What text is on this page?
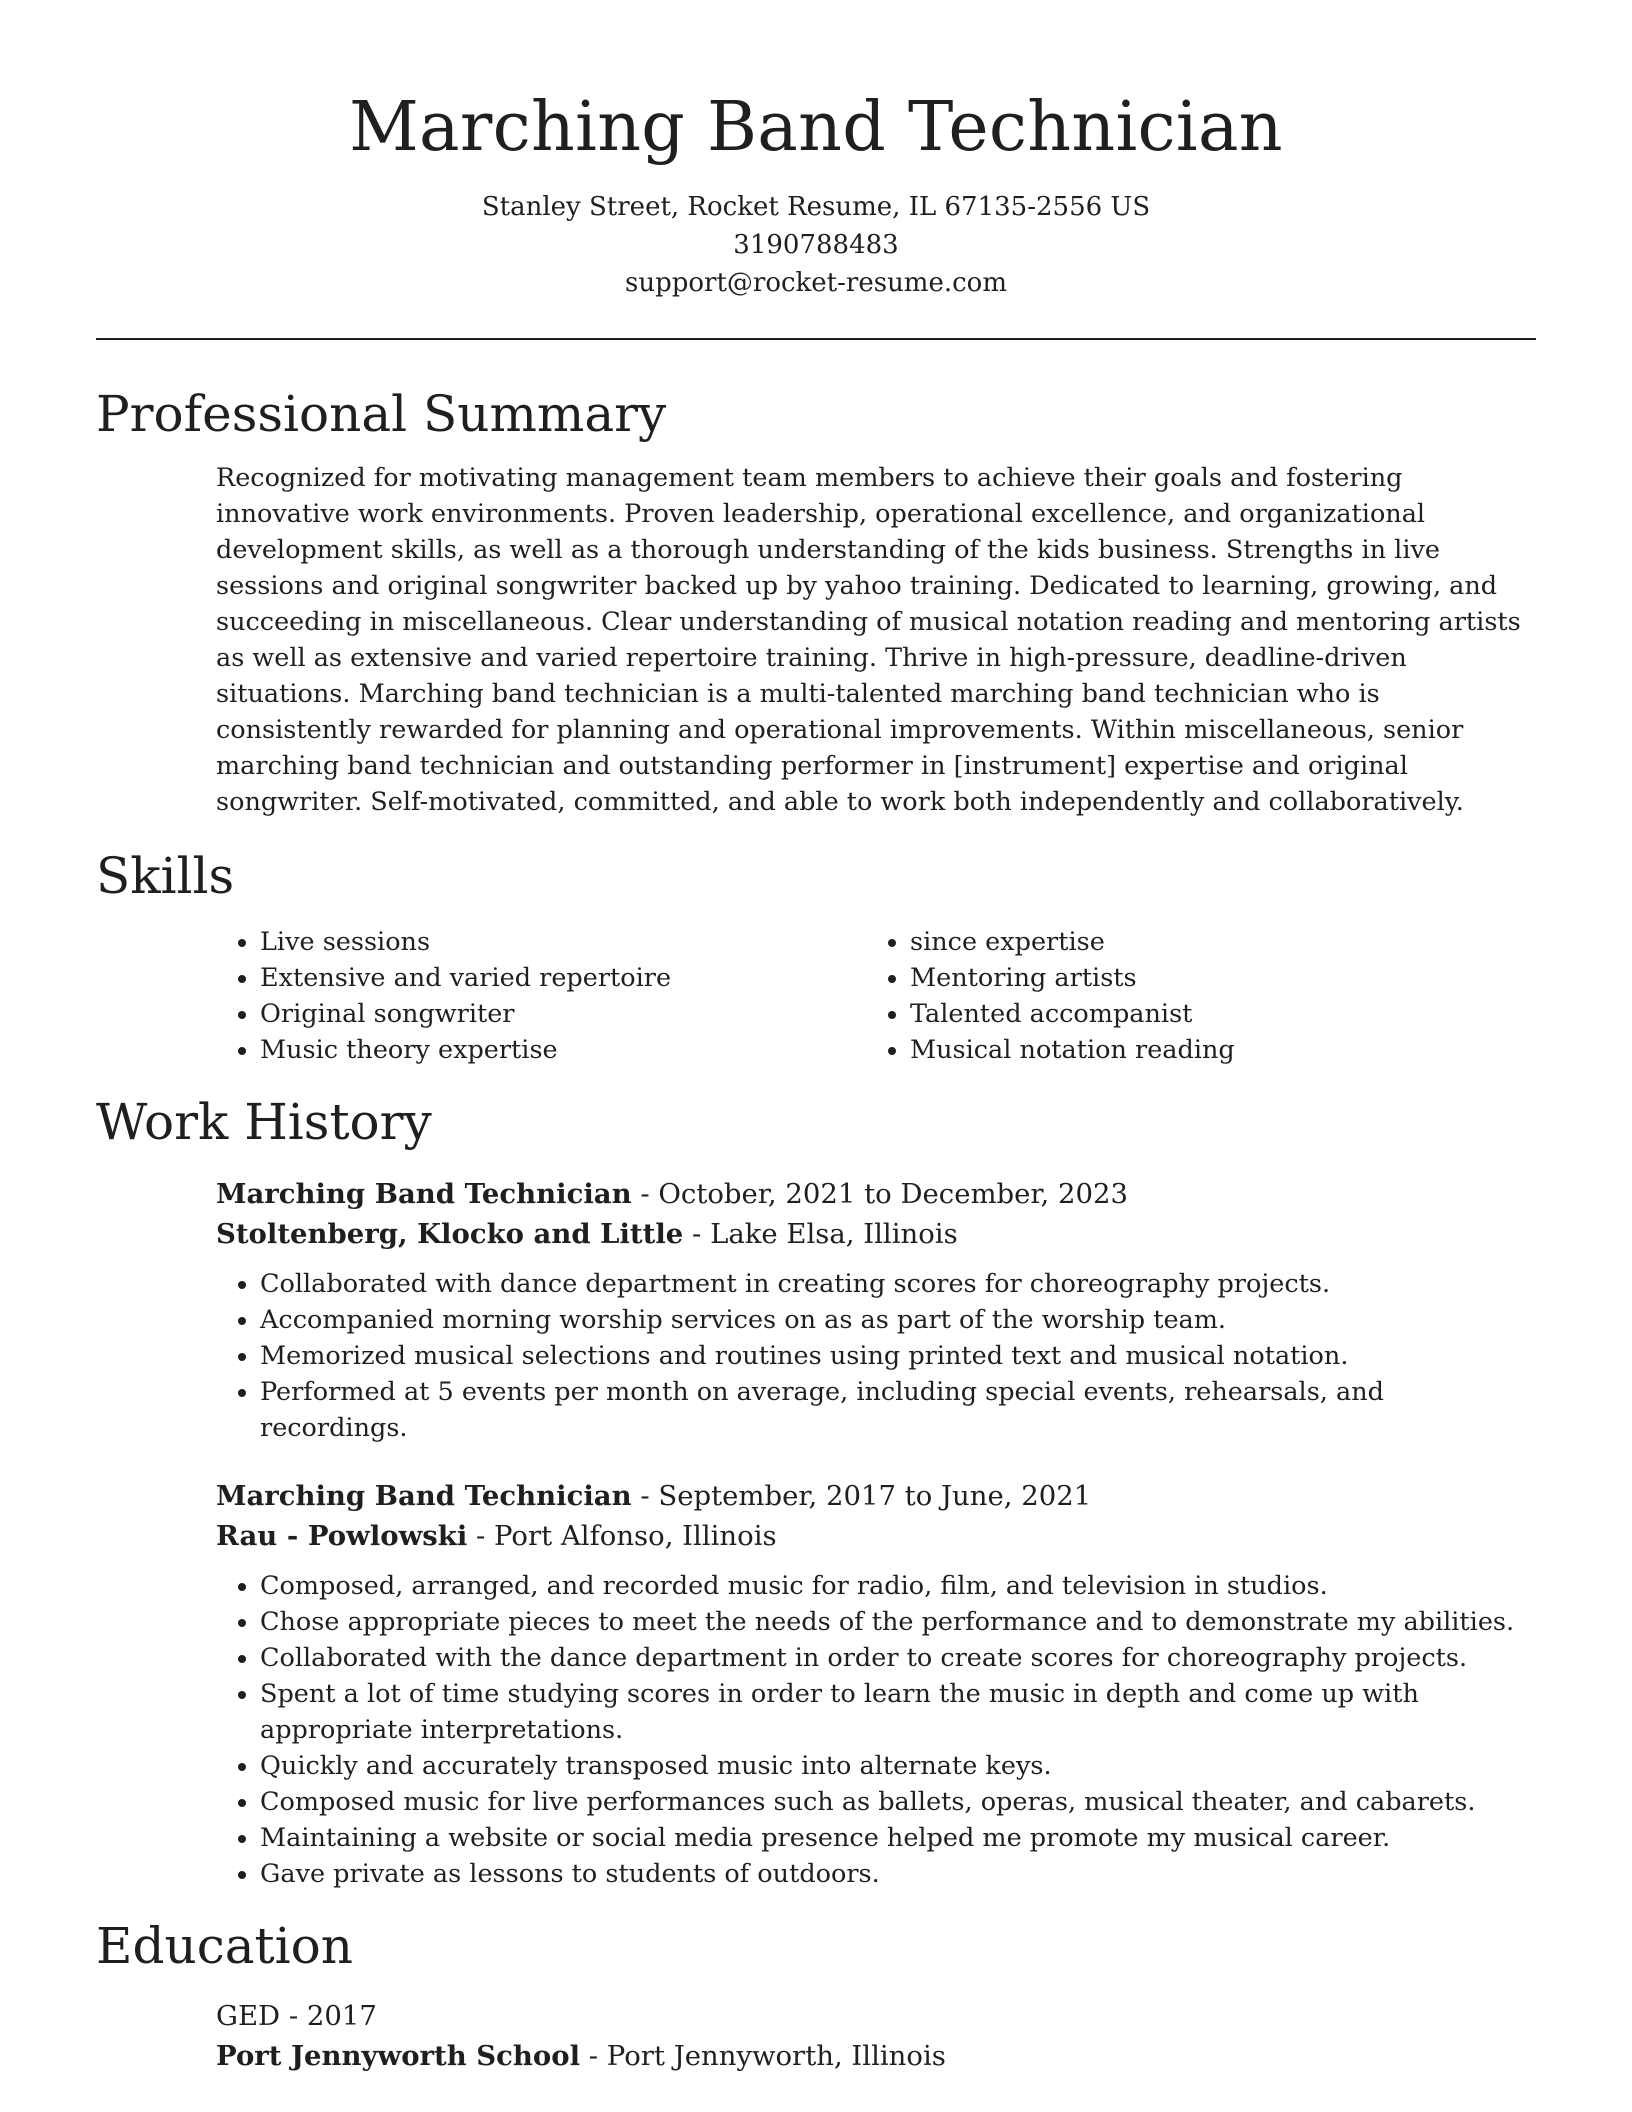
Marching Band Technician
Stanley Street, Rocket Resume, IL 67135-2556 US
3190788483
support@rocket-resume.com
Professional Summary
Recognized for motivating management team members to achieve their goals and fostering innovative work environments. Proven leadership, operational excellence, and organizational development skills, as well as a thorough understanding of the kids business. Strengths in live sessions and original songwriter backed up by yahoo training. Dedicated to learning, growing, and succeeding in miscellaneous. Clear understanding of musical notation reading and mentoring artists as well as extensive and varied repertoire training. Thrive in high-pressure, deadline-driven situations. Marching band technician is a multi-talented marching band technician who is consistently rewarded for planning and operational improvements. Within miscellaneous, senior marching band technician and outstanding performer in [instrument] expertise and original songwriter. Self-motivated, committed, and able to work both independently and collaboratively.
Skills
• Live sessions
• Extensive and varied repertoire
• Original songwriter
• Music theory expertise
• since expertise
• Mentoring artists
• Talented accompanist
• Musical notation reading
Work History
Marching Band Technician - October, 2021 to December, 2023
Stoltenberg, Klocko and Little - Lake Elsa, Illinois
• Collaborated with dance department in creating scores for choreography projects.
• Accompanied morning worship services on as as part of the worship team.
• Memorized musical selections and routines using printed text and musical notation.
• Performed at 5 events per month on average, including special events, rehearsals, and recordings.
Marching Band Technician - September, 2017 to June, 2021
Rau - Powlowski - Port Alfonso, Illinois
• Composed, arranged, and recorded music for radio, film, and television in studios.
• Chose appropriate pieces to meet the needs of the performance and to demonstrate my abilities.
• Collaborated with the dance department in order to create scores for choreography projects.
• Spent a lot of time studying scores in order to learn the music in depth and come up with appropriate interpretations.
• Quickly and accurately transposed music into alternate keys.
• Composed music for live performances such as ballets, operas, musical theater, and cabarets.
• Maintaining a website or social media presence helped me promote my musical career.
• Gave private as lessons to students of outdoors.
Education
GED - 2017
Port Jennyworth School - Port Jennyworth, Illinois
